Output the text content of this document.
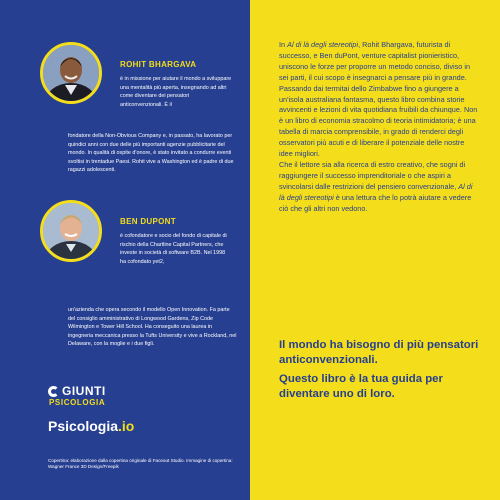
ROHIT BHARGAVA
è in missione per aiutare il mondo a sviluppare una mentalità più aperta, insegnando ad altri come diventare dei pensatori anticonvenzionali. È il
fondatore della Non-Obvious Company e, in passato, ha lavorato per quindici anni con due delle più importanti agenzie pubblicitarie del mondo. In qualità di ospite d'onore, è stato invitato a condurre eventi svoltisi in trentadue Paesi. Rohit vive a Washington ed è padre di due ragazzi adolescenti.
BEN DUPONT
è cofondatore e socio del fondo di capitale di rischio della Chartline Capital Partners, che investe in società di software B2B. Nel 1998 ha cofondato yet2,
un'azienda che opera secondo il modello Open Innovation. Fa parte del consiglio amministrativo di Longwood Gardens, Zip Code Wilmington e Tower Hill School. Ha conseguito una laurea in ingegneria meccanica presso la Tufts University e vive a Rockland, nel Delaware, con la moglie e i due figli.
GIUNTI
PSICOLOGIA
Psicologia.io
Copertina: elaborazione dalla copertina originale di Faceout Studio. Immagine di copertina: Wagner France 3D Design/Freepik

In Al di là degli stereotipi, Rohit Bhargava, futurista di successo, e Ben duPont, venture capitalist pionieristico, uniscono le forze per proporre un metodo conciso, diviso in sei parti, il cui scopo è insegnarci a pensare più in grande.

Passando dai termitai dello Zimbabwe fino a giungere a un'isola australiana fantasma, questo libro combina storie avvincenti e lezioni di vita quotidiana fruibili da chiunque. Non è un libro di economia stracolmo di teoria intimidatoria; è una tabella di marcia comprensibile, in grado di renderci degli osservatori più acuti e di liberare il potenziale delle nostre idee migliori.

Che il lettore sia alla ricerca di estro creativo, che sogni di raggiungere il successo imprenditoriale o che aspiri a svincolarsi dalle restrizioni del pensiero convenzionale, Al di là degli stereotipi è una lettura che lo potrà aiutare a vedere ciò che gli altri non vedono.

Il mondo ha bisogno di più pensatori anticonvenzionali.
Questo libro è la tua guida per diventare uno di loro.
